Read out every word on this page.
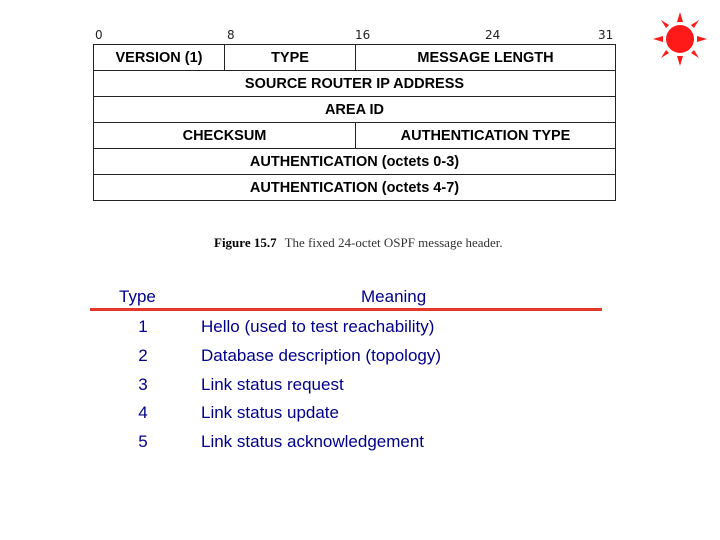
0	8	16	24	31
VERSION (1)	TYPE	MESSAGE LENGTH
SOURCE ROUTER IP ADDRESS		
AREA ID		
CHECKSUM		AUTHENTICATION TYPE
AUTHENTICATION (octets 0-3)		
AUTHENTICATION (octets 4-7)		
Figure 15.7 The fixed 24-octet OSPF message header.
Type	Meaning
1	Hello (used to test reachability)
2	Database description (topology)
3	Link status request
4	Link status update
5	Link status acknowledgement
